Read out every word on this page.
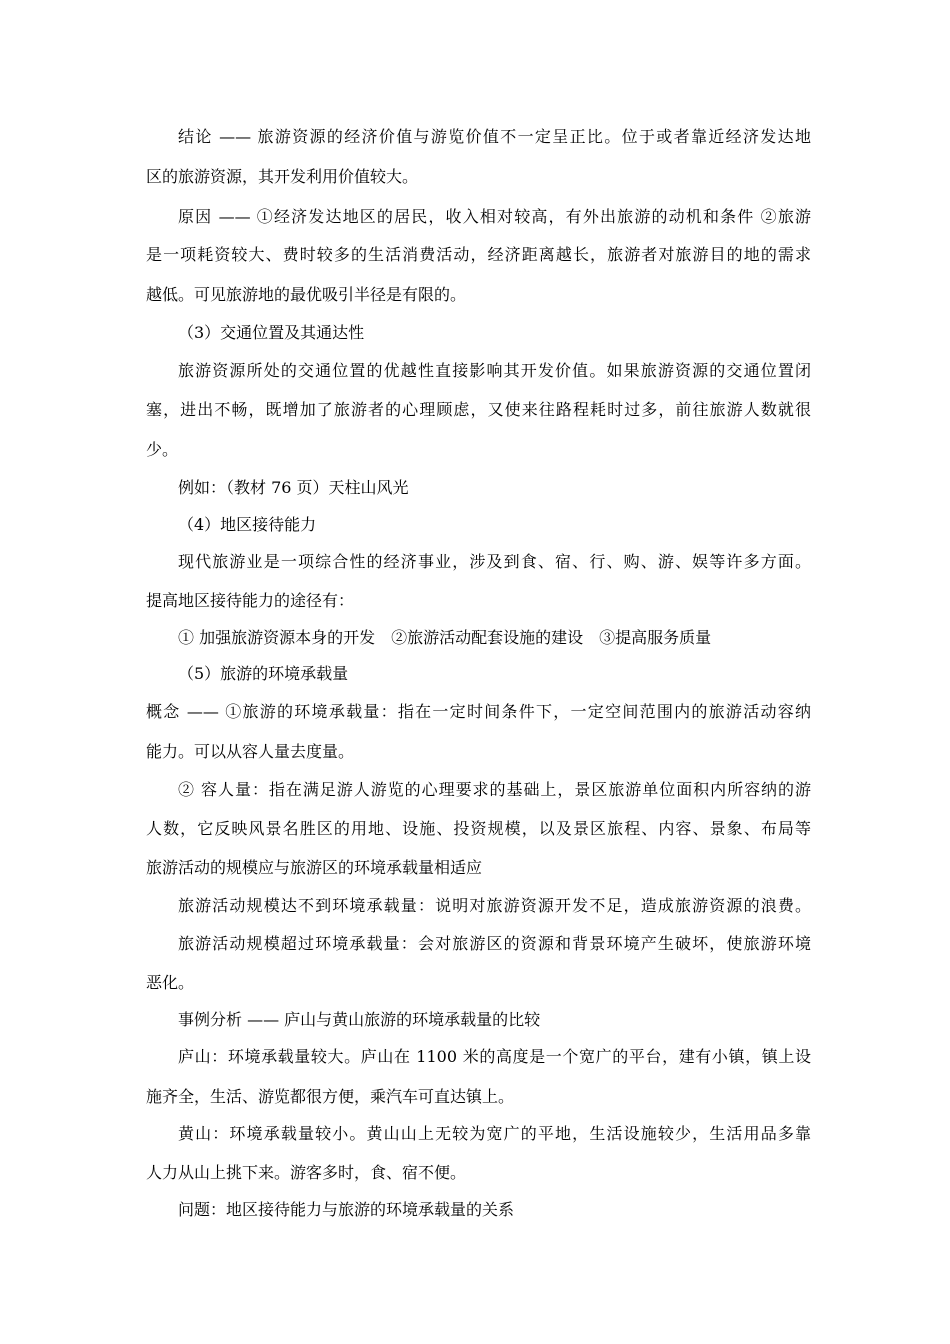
结论 —— 旅游资源的经济价值与游览价值不一定呈正比。位于或者靠近经济发达地
区的旅游资源，其开发利用价值较大。
原因 —— ①经济发达地区的居民，收入相对较高，有外出旅游的动机和条件 ②旅游
是一项耗资较大、费时较多的生活消费活动，经济距离越长，旅游者对旅游目的地的需求
越低。可见旅游地的最优吸引半径是有限的。
（3）交通位置及其通达性
旅游资源所处的交通位置的优越性直接影响其开发价值。如果旅游资源的交通位置闭
塞，进出不畅，既增加了旅游者的心理顾虑，又使来往路程耗时过多，前往旅游人数就很
少。
例如：（教材 76 页）天柱山风光
（4）地区接待能力
现代旅游业是一项综合性的经济事业，涉及到食、宿、行、购、游、娱等许多方面。
提高地区接待能力的途径有：
① 加强旅游资源本身的开发　②旅游活动配套设施的建设　③提高服务质量
（5）旅游的环境承载量
概念 —— ①旅游的环境承载量：指在一定时间条件下，一定空间范围内的旅游活动容纳
能力。可以从容人量去度量。
② 容人量：指在满足游人游览的心理要求的基础上，景区旅游单位面积内所容纳的游
人数，它反映风景名胜区的用地、设施、投资规模，以及景区旅程、内容、景象、布局等
旅游活动的规模应与旅游区的环境承载量相适应
旅游活动规模达不到环境承载量：说明对旅游资源开发不足，造成旅游资源的浪费。
旅游活动规模超过环境承载量：会对旅游区的资源和背景环境产生破坏，使旅游环境
恶化。
事例分析 —— 庐山与黄山旅游的环境承载量的比较
庐山：环境承载量较大。庐山在 1100 米的高度是一个宽广的平台，建有小镇，镇上设
施齐全，生活、游览都很方便，乘汽车可直达镇上。
黄山：环境承载量较小。黄山山上无较为宽广的平地，生活设施较少，生活用品多靠
人力从山上挑下来。游客多时，食、宿不便。
问题：地区接待能力与旅游的环境承载量的关系
